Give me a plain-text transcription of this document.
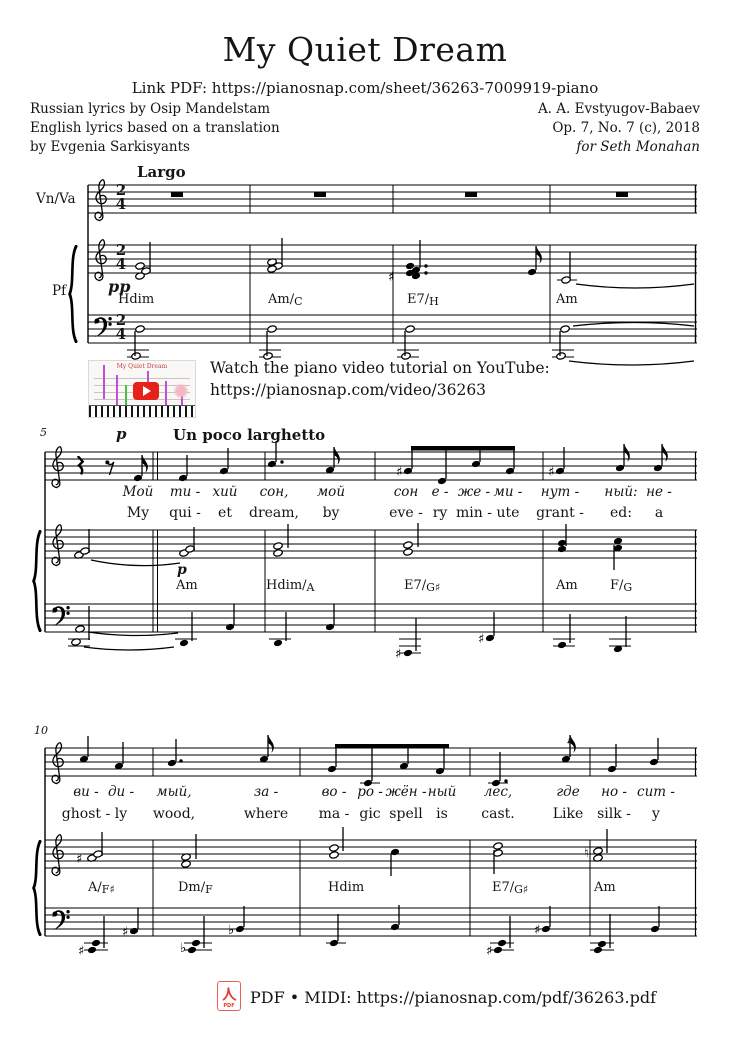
My Quiet Dream
Link PDF: https://pianosnap.com/sheet/36263-7009919-piano
Russian lyrics by Osip Mandelstam
English lyrics based on a translation
by Evgenia Sarkisyants
A. A. Evstyugov-Babaev
Op. 7, No. 7 (c), 2018
for Seth Monahan
♯
♯	♯
♯
♯
♯	♮
♯
♯
♭
♭
♯
♯
Largo
Vn/Va
Pf
2
4
2
4
2
4
pp
Hdim	Am/C	E7/H	Am
My Quiet Dream	Watch the piano video tutorial on YouTube:
https://pianosnap.com/video/36263
5	p	Un poco larghetto
p
Мой ти - хий сон, мой	сон е - же - ми - нут - ный: не -
My qui - et dream, by	eve - ry min - ute grant - ed: a
Am	Hdim/A	E7/G♯	Am F/G
10	,
ви - ди - мый,	за -	во - ро - жён - ный лес,	где но - сит -
ghost - ly wood,	where ma - gic spell is cast.	Like silk - y
A/F♯	Dm/F	Hdim	E7/G♯	Am
PDF PDF • MIDI: https://pianosnap.com/pdf/36263.pdf
